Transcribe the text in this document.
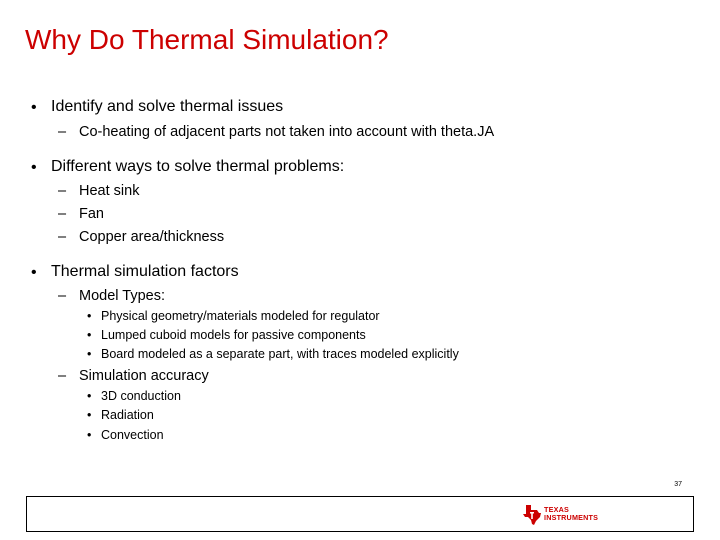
Why Do Thermal Simulation?
• Identify and solve thermal issues
– Co-heating of adjacent parts not taken into account with theta.JA
• Different ways to solve thermal problems:
– Heat sink
– Fan
– Copper area/thickness
• Thermal simulation factors
– Model Types:
• Physical geometry/materials modeled for regulator
• Lumped cuboid models for passive components
• Board modeled as a separate part, with traces modeled explicitly
– Simulation accuracy
• 3D conduction
• Radiation
• Convection
37
TEXAS
INSTRUMENTS
